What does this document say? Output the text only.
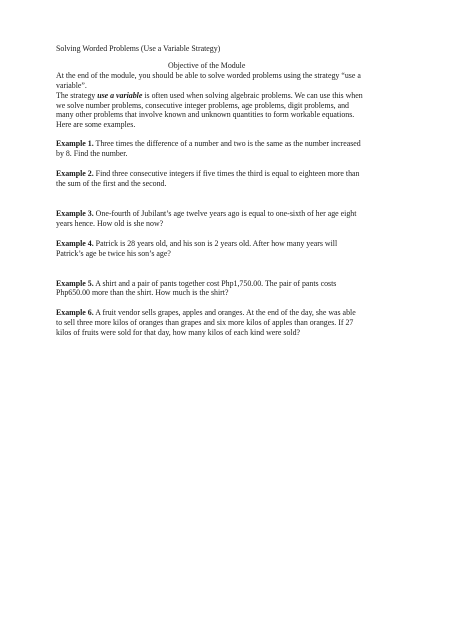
Solving Worded Problems (Use a Variable Strategy)
Objective of the Module
At the end of the module, you should be able to solve worded problems using the strategy “use a
variable”.
The strategy use a variable is often used when solving algebraic problems. We can use this when
we solve number problems, consecutive integer problems, age problems, digit problems, and
many other problems that involve known and unknown quantities to form workable equations.
Here are some examples.
Example 1. Three times the difference of a number and two is the same as the number increased
by 8. Find the number.
Example 2. Find three consecutive integers if five times the third is equal to eighteen more than
the sum of the first and the second.
Example 3. One-fourth of Jubilant’s age twelve years ago is equal to one-sixth of her age eight
years hence. How old is she now?
Example 4. Patrick is 28 years old, and his son is 2 years old. After how many years will
Patrick’s age be twice his son’s age?
Example 5. A shirt and a pair of pants together cost Php1,750.00. The pair of pants costs
Php650.00 more than the shirt. How much is the shirt?
Example 6. A fruit vendor sells grapes, apples and oranges. At the end of the day, she was able
to sell three more kilos of oranges than grapes and six more kilos of apples than oranges. If 27
kilos of fruits were sold for that day, how many kilos of each kind were sold?
